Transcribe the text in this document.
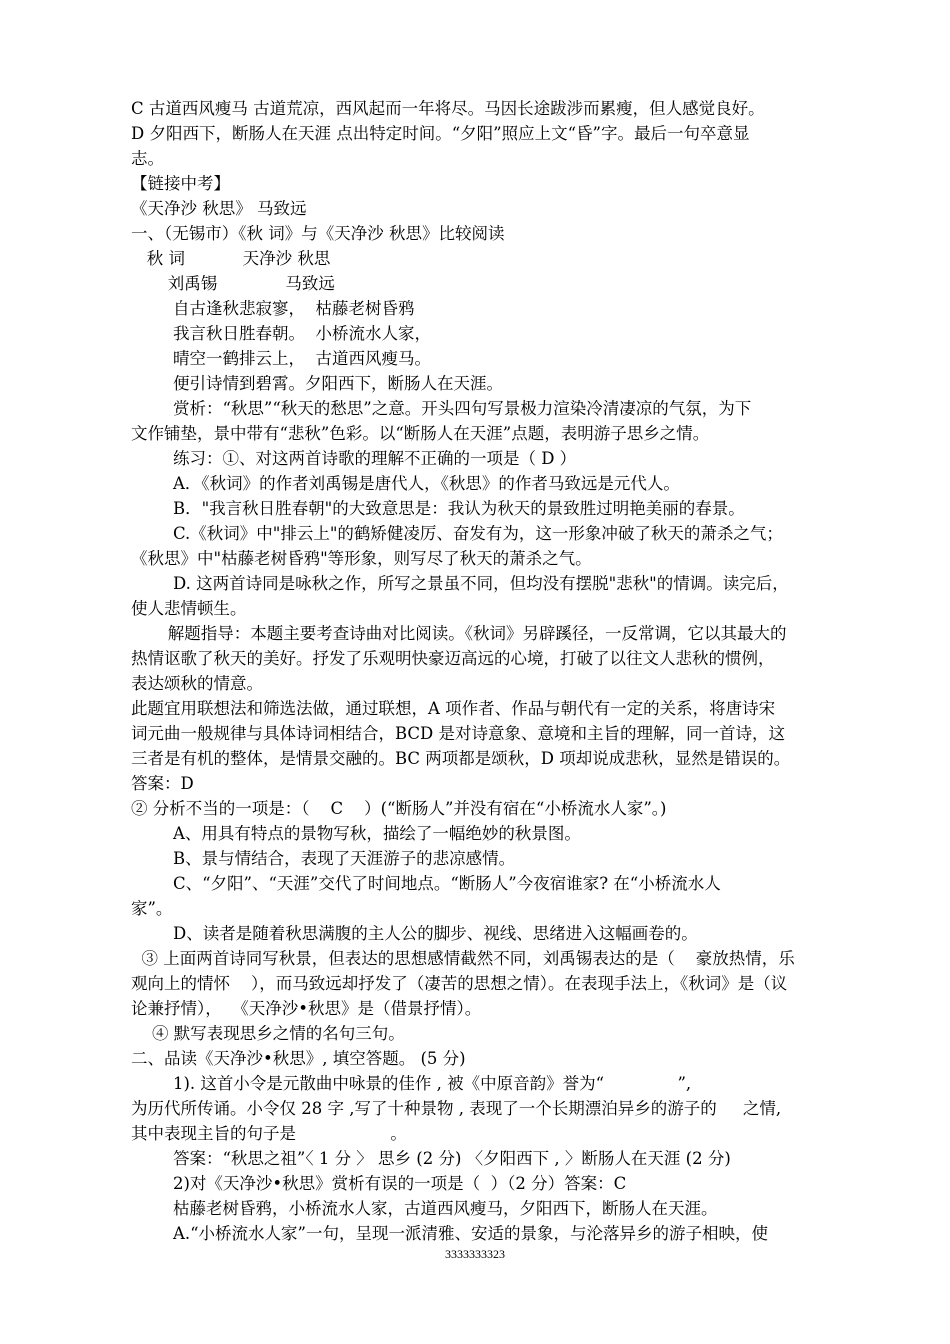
C 古道西风瘦马 古道荒凉，西风起而一年将尽。马因长途跋涉而累瘦，但人感觉良好。
D 夕阳西下，断肠人在天涯 点出特定时间。“夕阳”照应上文“昏”字。最后一句卒意显
志。
【链接中考】
《天净沙 秋思》 马致远
一、（无锡市）《秋 词》与《天净沙 秋思》比较阅读
秋 词           天净沙 秋思
刘禹锡             马致远
自古逢秋悲寂寥，  枯藤老树昏鸦
我言秋日胜春朝。  小桥流水人家，
晴空一鹤排云上，  古道西风瘦马。
便引诗情到碧霄。夕阳西下，断肠人在天涯。
赏析：“秋思”“秋天的愁思”之意。开头四句写景极力渲染冷清凄凉的气氛，为下
文作铺垫，景中带有“悲秋”色彩。以“断肠人在天涯”点题，表明游子思乡之情。
练习：①、对这两首诗歌的理解不正确的一项是（ D ）
A．《秋词》的作者刘禹锡是唐代人，《秋思》的作者马致远是元代人。
B．"我言秋日胜春朝"的大致意思是：我认为秋天的景致胜过明艳美丽的春景。
C.《秋词》中"排云上"的鹤矫健凌厉、奋发有为，这一形象冲破了秋天的萧杀之气；
《秋思》中"枯藤老树昏鸦"等形象，则写尽了秋天的萧杀之气。
D. 这两首诗同是咏秋之作，所写之景虽不同，但均没有摆脱"悲秋"的情调。读完后，
使人悲情顿生。
解题指导：本题主要考查诗曲对比阅读。《秋词》另辟蹊径，一反常调，它以其最大的
热情讴歌了秋天的美好。抒发了乐观明快豪迈高远的心境，打破了以往文人悲秋的惯例，
表达颂秋的情意。
此题宜用联想法和筛选法做，通过联想，A 项作者、作品与朝代有一定的关系，将唐诗宋
词元曲一般规律与具体诗词相结合，BCD 是对诗意象、意境和主旨的理解，同一首诗，这
三者是有机的整体，是情景交融的。BC 两项都是颂秋，D 项却说成悲秋，显然是错误的。
答案：D
② 分析不当的一项是：（    C    ）(“断肠人”并没有宿在“小桥流水人家”。)
A、用具有特点的景物写秋，描绘了一幅绝妙的秋景图。
B、景与情结合，表现了天涯游子的悲凉感情。
C、“夕阳”、“天涯”交代了时间地点。“断肠人”今夜宿谁家? 在“小桥流水人
家”。
D、读者是随着秋思满腹的主人公的脚步、视线、思绪进入这幅画卷的。
③ 上面两首诗同写秋景，但表达的思想感情截然不同，刘禹锡表达的是（    豪放热情，乐
观向上的情怀    ），而马致远却抒发了（凄苦的思想之情）。在表现手法上，《秋词》是（议
论兼抒情），  《天净沙•秋思》是（借景抒情）。
④ 默写表现思乡之情的名句三句。
二、品读《天净沙•秋思》, 填空答题。 (5 分)
1). 这首小令是元散曲中咏景的佳作 , 被《中原音韵》誉为“              ”,
为历代所传诵。小令仅 28 字 ,写了十种景物 , 表现了一个长期漂泊异乡的游子的     之情,
其中表现主旨的句子是                  。
答案：“秋思之祖”〈 1 分 〉 思乡 (2 分) 〈夕阳西下 , 〉断肠人在天涯 (2 分)
2)对《天净沙•秋思》赏析有误的一项是（  ）（2 分）答案：C
枯藤老树昏鸦，小桥流水人家，古道西风瘦马，夕阳西下，断肠人在天涯。
A.“小桥流水人家”一句，呈现一派清雅、安适的景象，与沦落异乡的游子相映，使
3333333323
